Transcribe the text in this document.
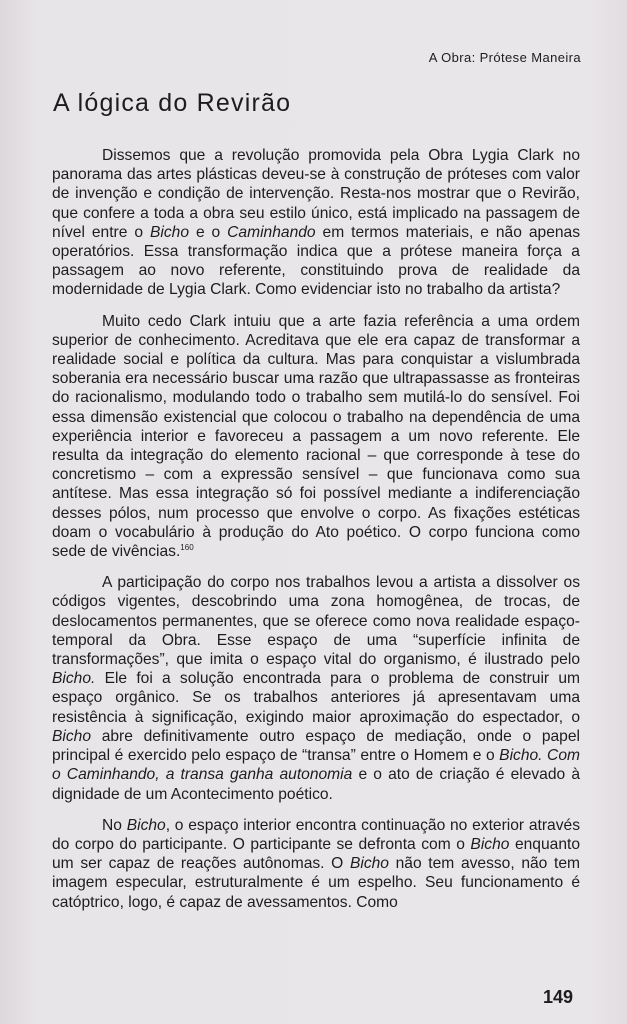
A Obra: Prótese Maneira
A lógica do Revirão

Dissemos que a revolução promovida pela Obra Lygia Clark no panorama das artes plásticas deveu-se à construção de próteses com valor de invenção e condição de intervenção. Resta-nos mostrar que o Revirão, que confere a toda a obra seu estilo único, está implicado na passagem de nível entre o Bicho e o Caminhando em termos materiais, e não apenas operatórios. Essa transformação indica que a prótese maneira força a passagem ao novo referente, constituindo prova de realidade da modernidade de Lygia Clark. Como evidenciar isto no trabalho da artista?

Muito cedo Clark intuiu que a arte fazia referência a uma ordem superior de conhecimento. Acreditava que ele era capaz de transformar a realidade social e política da cultura. Mas para conquistar a vislumbrada soberania era necessário buscar uma razão que ultrapassasse as fronteiras do racionalismo, modulando todo o trabalho sem mutilá-lo do sensível. Foi essa dimensão existencial que colocou o trabalho na dependência de uma experiência interior e favoreceu a passagem a um novo referente. Ele resulta da integração do elemento racional – que corresponde à tese do concretismo – com a expressão sensível – que funcionava como sua antítese. Mas essa integração só foi possível mediante a indiferenciação desses pólos, num processo que envolve o corpo. As fixações estéticas doam o vocabulário à produção do Ato poético. O corpo funciona como sede de vivências.$^{160}$

A participação do corpo nos trabalhos levou a artista a dissolver os códigos vigentes, descobrindo uma zona homogênea, de trocas, de deslocamentos permanentes, que se oferece como nova realidade espaço-temporal da Obra. Esse espaço de uma “superfície infinita de transformações”, que imita o espaço vital do organismo, é ilustrado pelo Bicho. Ele foi a solução encontrada para o problema de construir um espaço orgânico. Se os trabalhos anteriores já apresentavam uma resistência à significação, exigindo maior aproximação do espectador, o Bicho abre definitivamente outro espaço de mediação, onde o papel principal é exercido pelo espaço de “transa” entre o Homem e o Bicho. Com o Caminhando, a transa ganha autonomia e o ato de criação é elevado à dignidade de um Acontecimento poético.

No Bicho, o espaço interior encontra continuação no exterior através do corpo do participante. O participante se defronta com o Bicho enquanto um ser capaz de reações autônomas. O Bicho não tem avesso, não tem imagem especular, estruturalmente é um espelho. Seu funcionamento é catóptrico, logo, é capaz de avessamentos. Como

149
